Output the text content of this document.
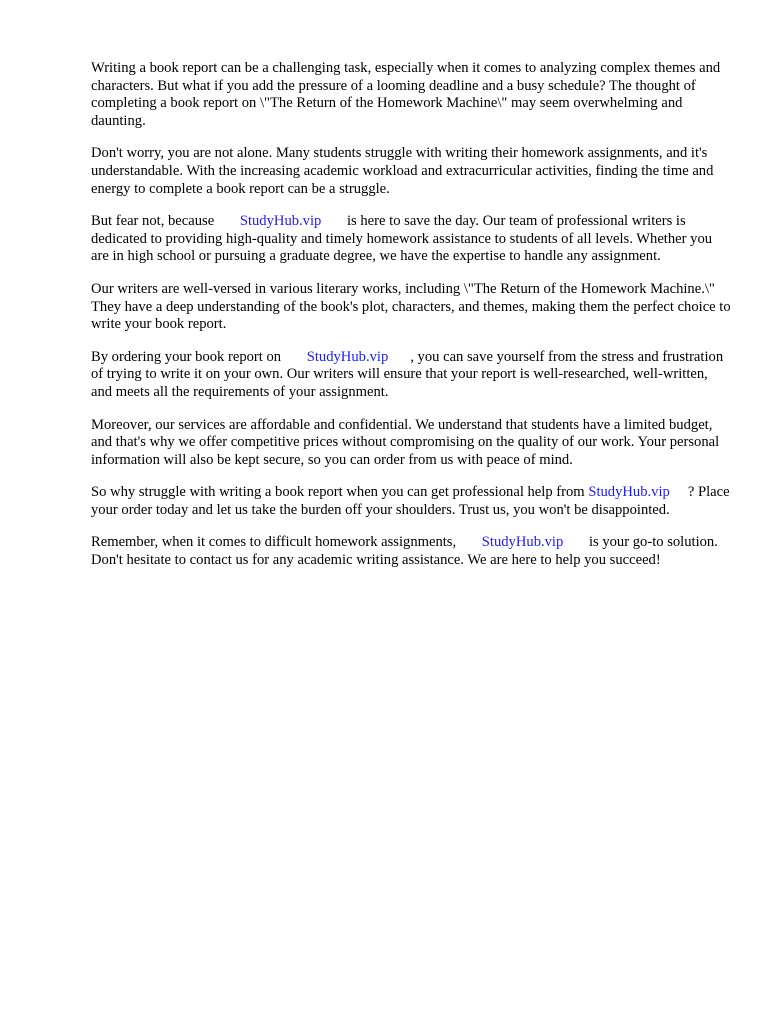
Writing a book report can be a challenging task, especially when it comes to analyzing complex themes and characters. But what if you add the pressure of a looming deadline and a busy schedule? The thought of completing a book report on \"The Return of the Homework Machine\" may seem overwhelming and daunting.

Don't worry, you are not alone. Many students struggle with writing their homework assignments, and it's understandable. With the increasing academic workload and extracurricular activities, finding the time and energy to complete a book report can be a struggle.

But fear not, because StudyHub.vip is here to save the day. Our team of professional writers is dedicated to providing high-quality and timely homework assistance to students of all levels. Whether you are in high school or pursuing a graduate degree, we have the expertise to handle any assignment.

Our writers are well-versed in various literary works, including \"The Return of the Homework Machine.\" They have a deep understanding of the book's plot, characters, and themes, making them the perfect choice to write your book report.

By ordering your book report on StudyHub.vip , you can save yourself from the stress and frustration of trying to write it on your own. Our writers will ensure that your report is well-researched, well-written, and meets all the requirements of your assignment.

Moreover, our services are affordable and confidential. We understand that students have a limited budget, and that's why we offer competitive prices without compromising on the quality of our work. Your personal information will also be kept secure, so you can order from us with peace of mind.

So why struggle with writing a book report when you can get professional help from StudyHub.vip ? Place your order today and let us take the burden off your shoulders. Trust us, you won't be disappointed.

Remember, when it comes to difficult homework assignments, StudyHub.vip is your go-to solution. Don't hesitate to contact us for any academic writing assistance. We are here to help you succeed!
